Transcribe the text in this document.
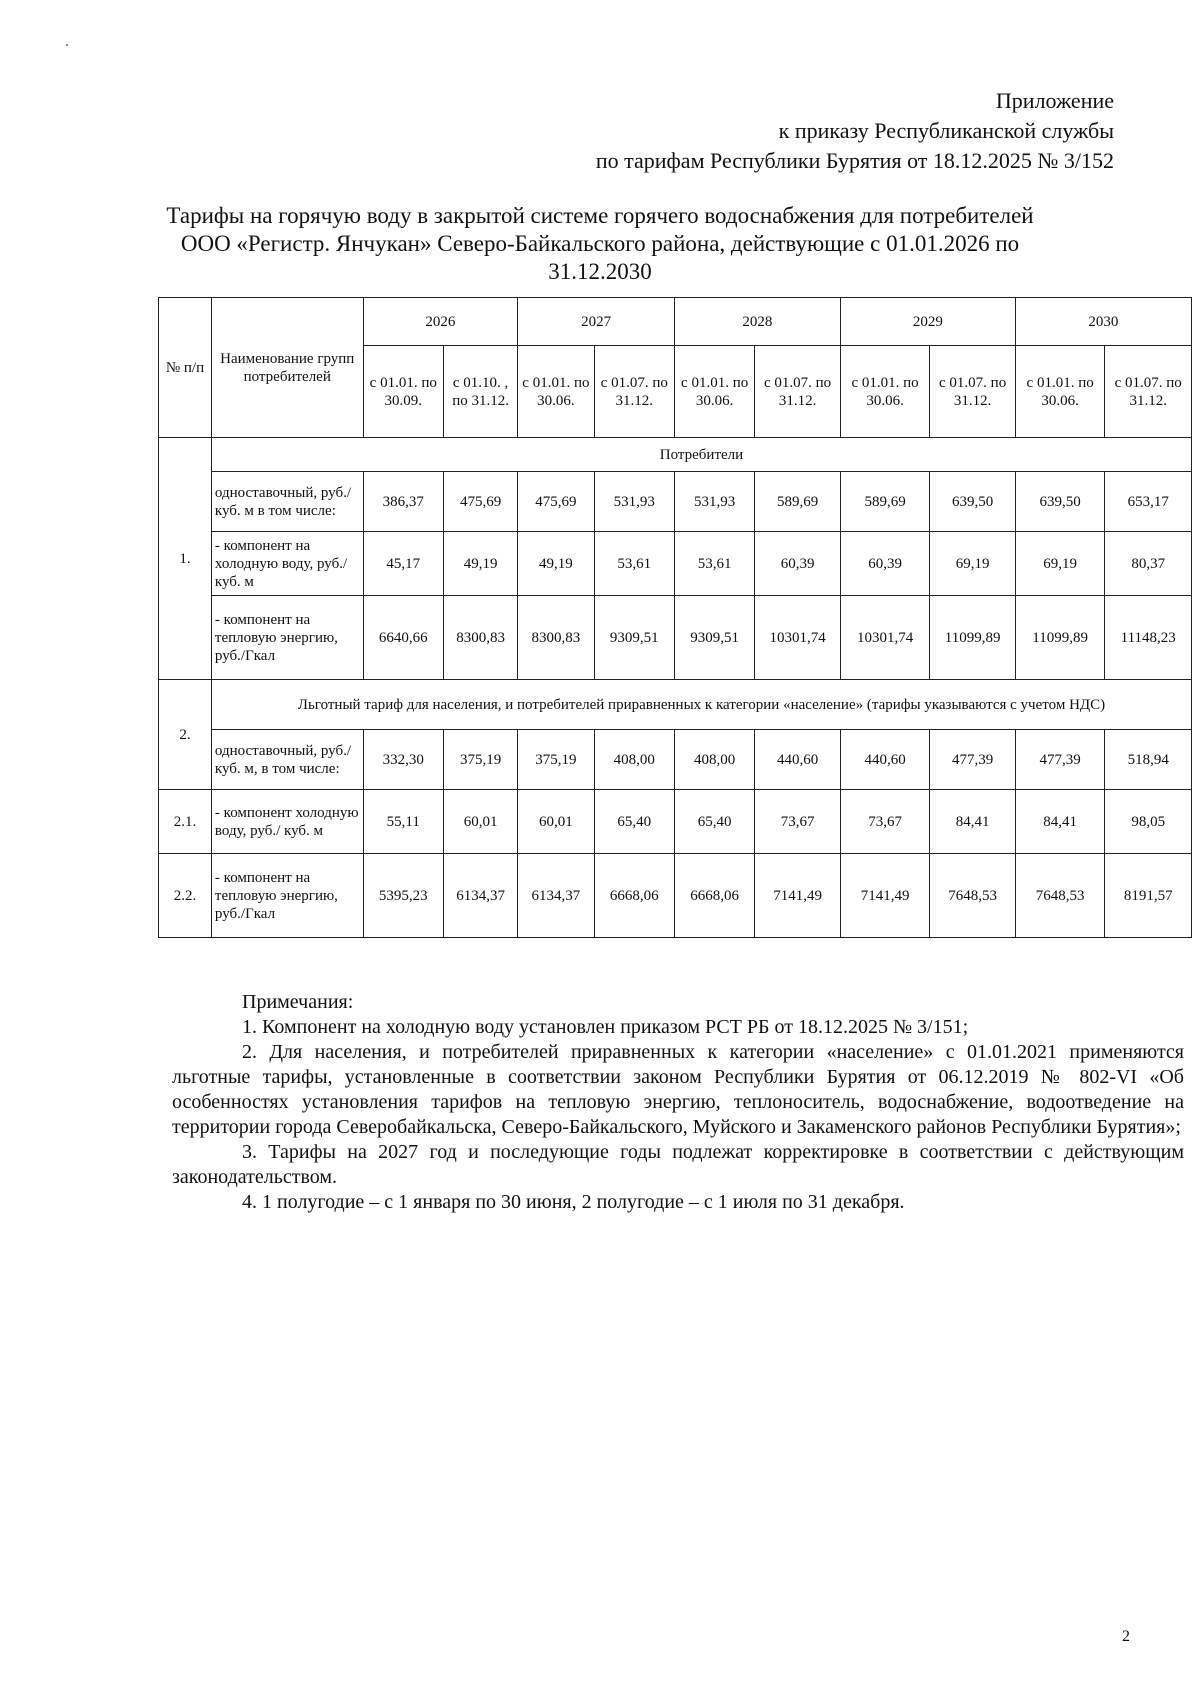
Приложение
к приказу Республиканской службы
по тарифам Республики Бурятия от 18.12.2025 № 3/152
Тарифы на горячую воду в закрытой системе горячего водоснабжения для потребителей ООО «Регистр. Янчукан» Северо-Байкальского района, действующие с 01.01.2026 по 31.12.2030
№ п/п	Наименование групп потребителей	2026		2027		2028		2029		2030	
		с 01.01. по 30.09.	с 01.10. , по 31.12.	с 01.01. по 30.06.	с 01.07. по 31.12.	с 01.01. по 30.06.	с 01.07. по 31.12.	с 01.01. по 30.06.	с 01.07. по 31.12.	с 01.01. по 30.06.	с 01.07. по 31.12.
1.	Потребители										
	одноставочный, руб./ куб. м в том числе:	386,37	475,69	475,69	531,93	531,93	589,69	589,69	639,50	639,50	653,17
	- компонент на холодную воду, руб./ куб. м	45,17	49,19	49,19	53,61	53,61	60,39	60,39	69,19	69,19	80,37
	- компонент на тепловую энергию, руб./Гкал	6640,66	8300,83	8300,83	9309,51	9309,51	10301,74	10301,74	11099,89	11099,89	11148,23
2.	Льготный тариф для населения, и потребителей приравненных к категории «население» (тарифы указываются с учетом НДС)										
	одноставочный, руб./ куб. м, в том числе:	332,30	375,19	375,19	408,00	408,00	440,60	440,60	477,39	477,39	518,94
2.1.	- компонент холодную воду, руб./ куб. м	55,11	60,01	60,01	65,40	65,40	73,67	73,67	84,41	84,41	98,05
2.2.	- компонент на тепловую энергию, руб./Гкал	5395,23	6134,37	6134,37	6668,06	6668,06	7141,49	7141,49	7648,53	7648,53	8191,57

Примечания:

1. Компонент на холодную воду установлен приказом РСТ РБ от 18.12.2025 № 3/151;

2. Для населения, и потребителей приравненных к категории «население» с 01.01.2021 применяются льготные тарифы, установленные в соответствии законом Республики Бурятия от 06.12.2019 № 802-VI «Об особенностях установления тарифов на тепловую энергию, теплоноситель, водоснабжение, водоотведение на территории города Северобайкальска, Северо-Байкальского, Муйского и Закаменского районов Республики Бурятия»;

3. Тарифы на 2027 год и последующие годы подлежат корректировке в соответствии с действующим законодательством.

4. 1 полугодие – с 1 января по 30 июня, 2 полугодие – с 1 июля по 31 декабря.

2
